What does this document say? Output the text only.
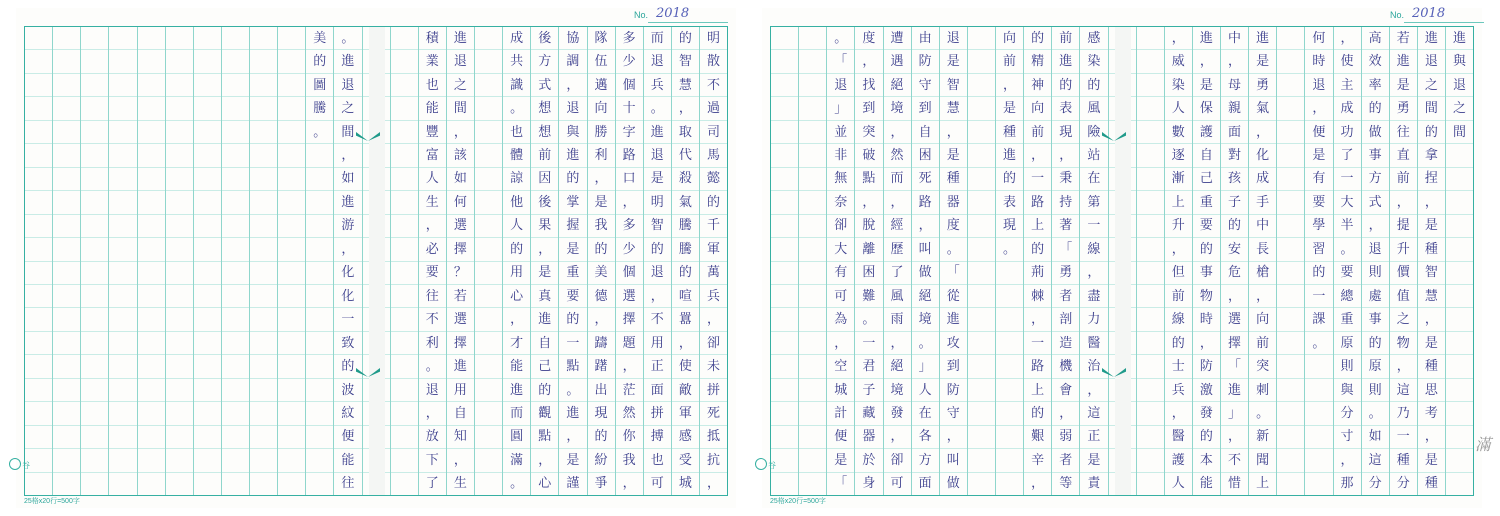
No. 2018
美
的
圖
騰
。
。
進
退
之
間
，
如
進
游
，
化
化
一
致
的
波
紋
便
能
往
積
業
也
能
豐
富
人
生
，
必
要
往
不
利
。
退
，
放
下
了
進
退
之
間
，
該
如
何
選
擇
？
若
選
擇
進
用
自
知
，
生
成
共
識
。
也
體
諒
他
人
的
用
心
，
才
能
進
而
圓
滿
。
後
方
式
想
想
前
因
後
果
，
是
真
進
自
己
的
觀
點
，
心
協
調
，
退
與
進
的
掌
握
是
重
要
的
一
點
。
進
，
是
謹
隊
伍
邁
向
勝
利
，
是
我
的
美
德
，
躊
躇
出
現
的
紛
爭
多
少
個
十
字
路
口
，
多
少
個
選
擇
題
，
茫
然
你
我
，
而
退
兵
。
進
退
是
明
智
的
退
，
不
用
正
面
拼
搏
也
可
的
智
慧
，
取
代
殺
氣
騰
騰
的
喧
囂
，
使
敵
軍
感
受
城
明
散
不
過
司
馬
懿
的
千
軍
萬
兵
，
卻
未
拼
死
抵
抗
，
谷
25格x20行=500字
No. 2018
。
「
退
」
並
非
無
奈
卻
大
有
可
為
，
空
城
計
便
是
「
度
，
找
到
突
破
點
，
脫
離
困
難
。
一
君
子
藏
器
於
身
遭
遇
絕
境
，
然
而
，
經
歷
了
風
雨
，
絕
境
發
，
卻
可
由
防
守
到
自
困
死
路
，
叫
做
絕
境
。
」
人
在
各
方
面
退
是
智
慧
，
是
種
器
度
。
「
從
進
攻
到
防
守
，
叫
做
向
前
，
是
種
進
的
表
現
。
的
精
神
向
前
，
一
路
上
的
荊
棘
，
一
路
上
的
艱
辛
，
前
進
的
表
現
，
秉
持
著
「
勇
者
剖
造
機
會
，
弱
者
等
感
染
的
風
險
站
在
第
一
線
，
盡
力
醫
治
，
這
正
是
責
，
威
染
人
數
逐
漸
上
升
，
但
前
線
的
士
兵
，
醫
護
人
進
，
是
保
護
自
己
重
要
的
事
物
時
，
防
激
發
的
本
能
中
，
母
親
面
對
孩
子
的
安
危
，
選
擇
「
進
」
，
不
惜
進
是
勇
氣
，
化
成
手
中
長
槍
，
向
前
突
刺
。
新
聞
上
何
時
退
，
便
是
有
要
學
習
的
一
課
。
，
使
主
成
功
了
一
大
半
。
要
總
重
原
則
與
分
寸
，
那
高
效
率
的
做
事
方
式
，
退
則
處
事
的
原
則
。
如
這
分
若
進
是
勇
往
直
前
，
提
升
價
值
之
物
，
這
乃
一
種
分
進
退
之
間
的
拿
捏
，
是
種
智
慧
，
是
種
思
考
，
是
種
進
與
退
之
間
谷
25格x20行=500字
滿
